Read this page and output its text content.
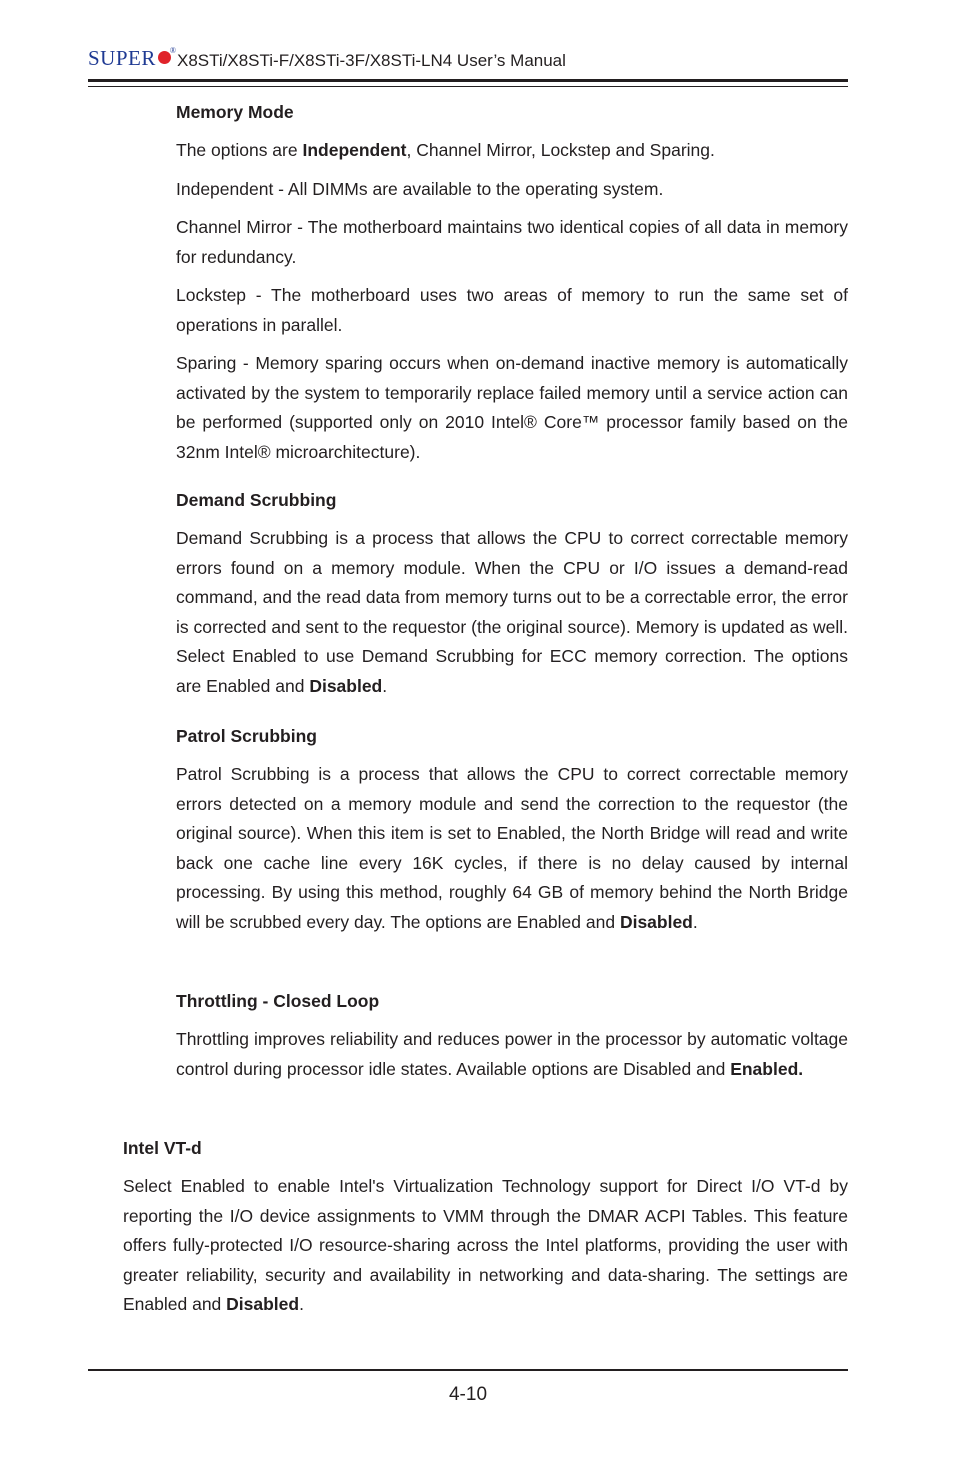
SUPER ®
X8STi/X8STi-F/X8STi-3F/X8STi-LN4 User’s Manual

Memory Mode

The options are Independent, Channel Mirror, Lockstep and Sparing.

Independent - All DIMMs are available to the operating system.

Channel Mirror - The motherboard maintains two identical copies of all data in memory for redundancy.

Lockstep - The motherboard uses two areas of memory to run the same set of operations in parallel.

Sparing - Memory sparing occurs when on-demand inactive memory is automatically activated by the system to temporarily replace failed memory until a service action can be performed (supported only on 2010 Intel® Core™ processor family based on the 32nm Intel® microarchitecture).

Demand Scrubbing

Demand Scrubbing is a process that allows the CPU to correct correctable memory errors found on a memory module. When the CPU or I/O issues a demand-read command, and the read data from memory turns out to be a correctable error, the error is corrected and sent to the requestor (the original source). Memory is updated as well. Select Enabled to use Demand Scrubbing for ECC memory correction. The options are Enabled and Disabled.

Patrol Scrubbing

Patrol Scrubbing is a process that allows the CPU to correct correctable memory errors detected on a memory module and send the correction to the requestor (the original source). When this item is set to Enabled, the North Bridge will read and write back one cache line every 16K cycles, if there is no delay caused by internal processing. By using this method, roughly 64 GB of memory behind the North Bridge will be scrubbed every day. The options are Enabled and Disabled.

Throttling - Closed Loop

Throttling improves reliability and reduces power in the processor by automatic voltage control during processor idle states. Available options are Disabled and Enabled.

Intel VT-d

Select Enabled to enable Intel's Virtualization Technology support for Direct I/O VT-d by reporting the I/O device assignments to VMM through the DMAR ACPI Tables. This feature offers fully-protected I/O resource-sharing across the Intel platforms, providing the user with greater reliability, security and availability in networking and data-sharing. The settings are Enabled and Disabled.

4-10
